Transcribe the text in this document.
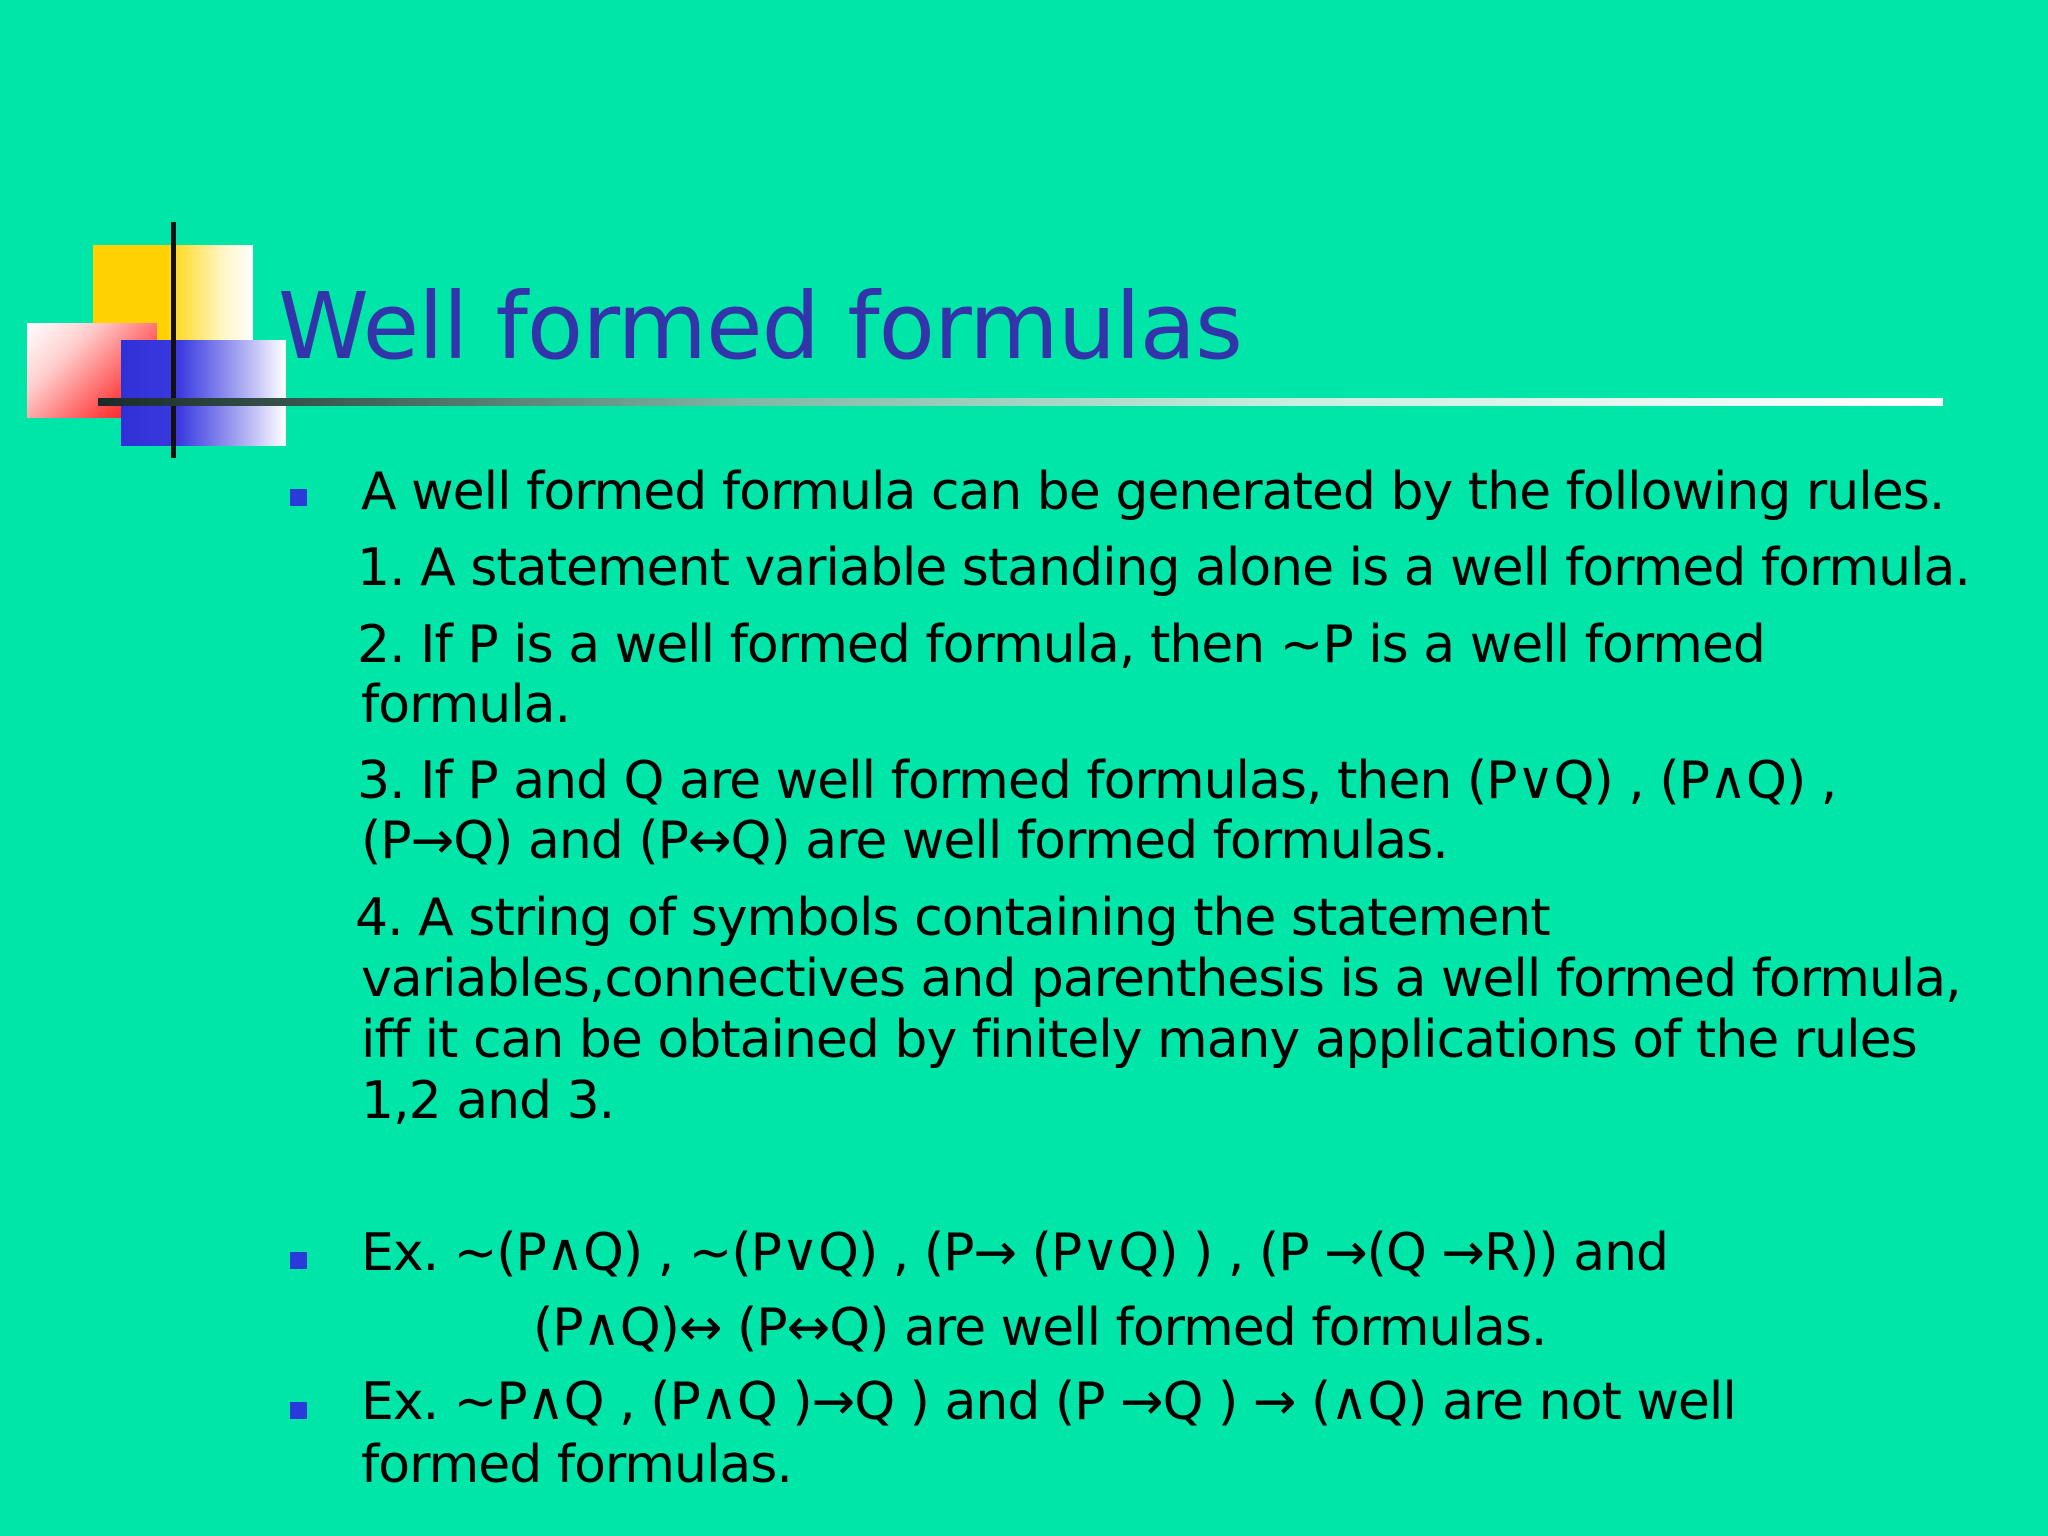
Well formed formulas
A well formed formula can be generated by the following rules.
1. A statement variable standing alone is a well formed formula.
2. If P is a well formed formula, then ~P is a well formed
formula.
3. If P and Q are well formed formulas, then (P∨Q) , (P∧Q) ,
(P→Q) and (P↔Q) are well formed formulas.
4. A string of symbols containing the statement
variables,connectives and parenthesis is a well formed formula,
iff it can be obtained by finitely many applications of the rules
1,2 and 3.
Ex. ~(P∧Q) , ~(P∨Q) , (P→ (P∨Q) ) , (P →(Q →R)) and
(P∧Q)↔ (P↔Q) are well formed formulas.
Ex. ~P∧Q , (P∧Q )→Q ) and (P →Q ) → (∧Q) are not well
formed formulas.
